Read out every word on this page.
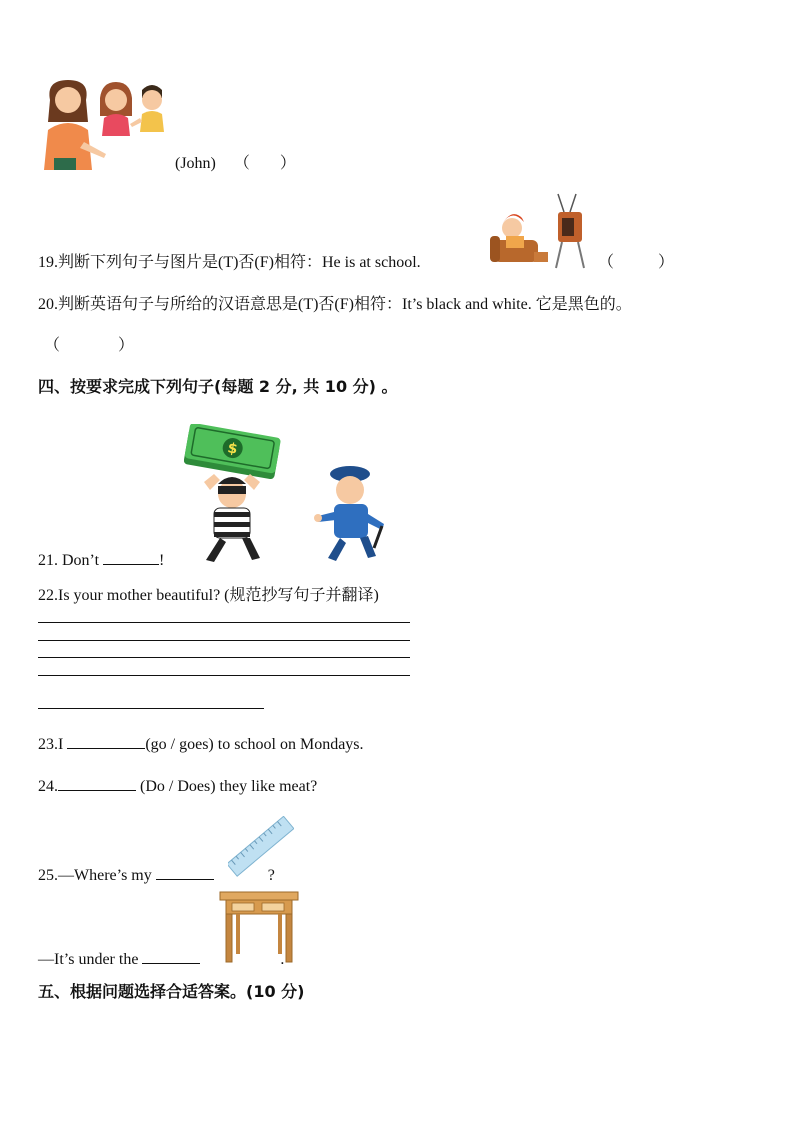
(John) （ ）
19.判断下列句子与图片是(T)否(F)相符：He is at school.	（	）
20.判断英语句子与所给的汉语意思是(T)否(F)相符：It’s black and white. 它是黑色的。
（	）
四、按要求完成下列句子(每题 2 分, 共 10 分) 。
$
21. Don’t	!
22.Is your mother beautiful? (规范抄写句子并翻译)
23.I	(go / goes) to school on Mondays.
24.	(Do / Does) they like meat?
25.—Where’s my	?
—It’s under the	.
五、根据问题选择合适答案。(10 分)
